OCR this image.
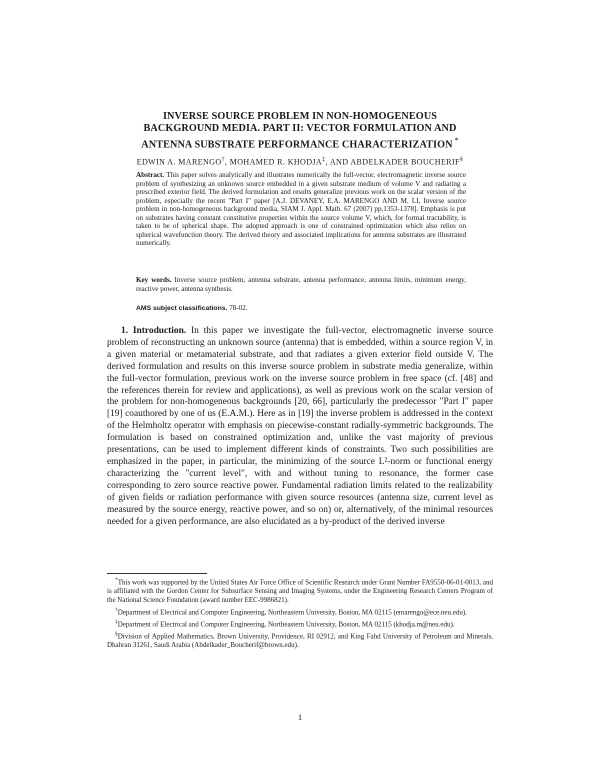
INVERSE SOURCE PROBLEM IN NON-HOMOGENEOUS
BACKGROUND MEDIA. PART II: VECTOR FORMULATION AND
ANTENNA SUBSTRATE PERFORMANCE CHARACTERIZATION *
EDWIN A. MARENGO†, MOHAMED R. KHODJA‡, AND ABDELKADER BOUCHERIF§
Abstract. This paper solves analytically and illustrates numerically the full-vector, electromagnetic inverse source problem of synthesizing an unknown source embedded in a given substrate medium of volume V and radiating a prescribed exterior field. The derived formulation and results generalize previous work on the scalar version of the problem, especially the recent "Part I" paper [A.J. DEVANEY, E.A. MARENGO AND M. LI, Inverse source problem in non-homogeneous background media, SIAM J. Appl. Math. 67 (2007) pp.1353-1378]. Emphasis is put on substrates having constant constitutive properties within the source volume V, which, for formal tractability, is taken to be of spherical shape. The adopted approach is one of constrained optimization which also relies on spherical wavefunction theory. The derived theory and associated implications for antenna substrates are illustrated numerically.
Key words. Inverse source problem, antenna substrate, antenna performance, antenna limits, minimum energy, reactive power, antenna synthesis.
AMS subject classifications. 78-02.
1. Introduction. In this paper we investigate the full-vector, electromagnetic inverse source problem of reconstructing an unknown source (antenna) that is embedded, within a source region V, in a given material or metamaterial substrate, and that radiates a given exterior field outside V. The derived formulation and results on this inverse source problem in substrate media generalize, within the full-vector formulation, previous work on the inverse source problem in free space (cf. [48] and the references therein for review and applications), as well as previous work on the scalar version of the problem for non-homogeneous backgrounds [20, 66], particularly the predecessor "Part I" paper [19] coauthored by one of us (E.A.M.). Here as in [19] the inverse problem is addressed in the context of the Helmholtz operator with emphasis on piecewise-constant radially-symmetric backgrounds. The formulation is based on constrained optimization and, unlike the vast majority of previous presentations, can be used to implement different kinds of constraints. Two such possibilities are emphasized in the paper, in particular, the minimizing of the source L²-norm or functional energy characterizing the "current level", with and without tuning to resonance, the former case corresponding to zero source reactive power. Fundamental radiation limits related to the realizability of given fields or radiation performance with given source resources (antenna size, current level as measured by the source energy, reactive power, and so on) or, alternatively, of the minimal resources needed for a given performance, are also elucidated as a by-product of the derived inverse

*This work was supported by the United States Air Force Office of Scientific Research under Grant Number FA9550-06-01-0013, and is affiliated with the Gordon Center for Subsurface Sensing and Imaging Systems, under the Engineering Research Centers Program of the National Science Foundation (award number EEC-9986821).

†Department of Electrical and Computer Engineering, Northeastern University, Boston, MA 02115 (emarengo@ece.neu.edu).

‡Department of Electrical and Computer Engineering, Northeastern University, Boston, MA 02115 (khodja.m@neu.edu).

§Division of Applied Mathematics, Brown University, Providence, RI 02912, and King Fahd University of Petroleum and Minerals, Dhahran 31261, Saudi Arabia (Abdelkader_Boucherif@brown.edu).

1
